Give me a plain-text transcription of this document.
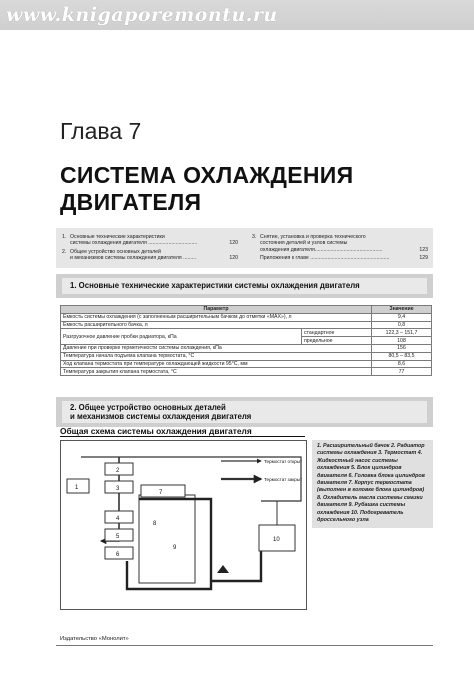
www.knigaporemontu.ru
Глава 7
СИСТЕМА ОХЛАЖДЕНИЯ
ДВИГАТЕЛЯ
1. Основные технические характеристики
системы охлаждения двигателя ..................................	120
2. Общее устройство основных деталей
и механизмов системы охлаждения двигателя .........	120
3. Снятие, установка и проверка технического
состояния деталей и узлов системы
охлаждения двигателя...............................................	123
Приложения к главе .......................................................	129
1. Основные технические характеристики системы охлаждения двигателя
Параметр		Значение
Емкость системы охлаждения (с заполненным расширительным бачком до отметки «MAX»), л		9,4
Емкость расширительного бачка, л		0,8
Разгрузочное давление пробки радиатора, кПа	стандартное	122,3 – 151,7
	предельное	108
Давление при проверке герметичности системы охлаждения, кПа		156
Температура начала подъема клапана термостата, °С		80,5 – 83,5
Ход клапана термостата при температуре охлаждающей жидкости 95°С, мм		8,6
Температура закрытия клапана термостата, °С		77
2. Общее устройство основных деталей
и механизмов системы охлаждения двигателя
Общая схема системы охлаждения двигателя
1
2
3
4
5
6
7
8
9
10
Термостат открыт
Термостат закрыт
1. Расширительный бачок 2. Радиатор системы охлаждения 3. Термостат 4. Жидкостный насос системы охлаждения 5. Блок цилиндров двигателя 6. Головка блока цилиндров двигателя 7. Корпус термостата (выполнен в головке блока цилиндров) 8. Охладитель масла системы смазки двигателя 9. Рубашка системы охлаждения 10. Подогреватель дроссельного узла
Издательство «Монолит»
